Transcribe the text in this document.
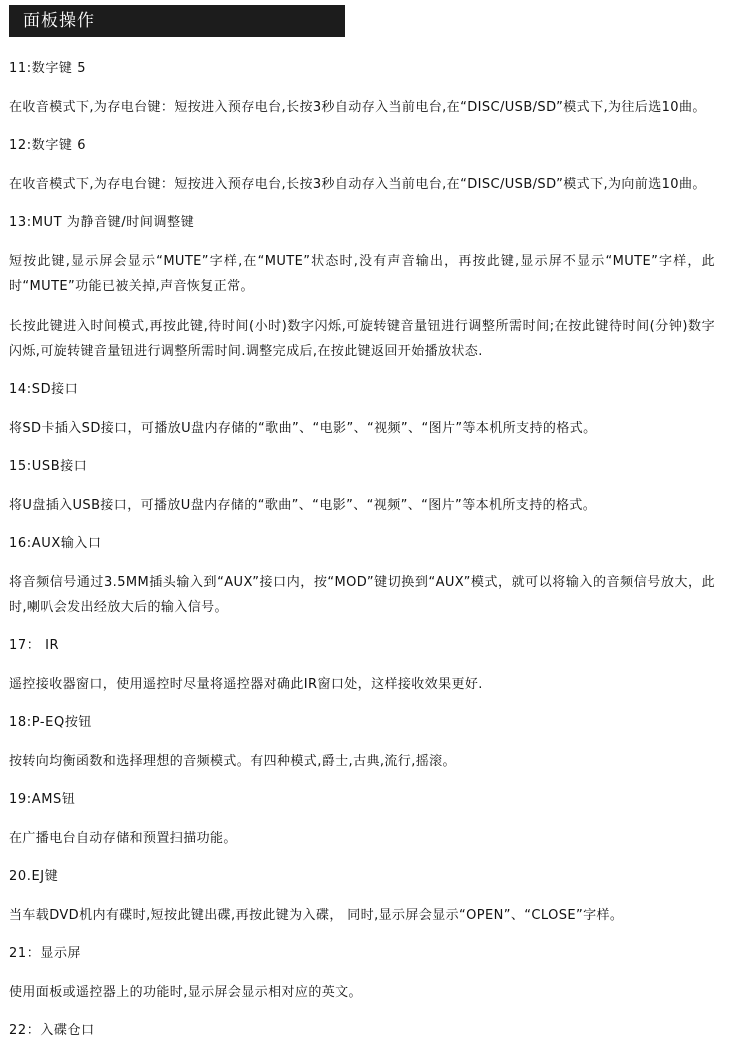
面板操作
11:数字键 5
在收音模式下,为存电台键：短按进入预存电台,长按3秒自动存入当前电台,在“DISC/USB/SD”模式下,为往后选10曲。
12:数字键 6
在收音模式下,为存电台键：短按进入预存电台,长按3秒自动存入当前电台,在“DISC/USB/SD”模式下,为向前选10曲。
13:MUT 为静音键/时间调整键
短按此键,显示屏会显示“MUTE”字样,在“MUTE”状态时,没有声音输出，再按此键,显示屏不显示“MUTE”字样，此时“MUTE”功能已被关掉,声音恢复正常。
长按此键进入时间模式,再按此键,待时间(小时)数字闪烁,可旋转键音量钮进行调整所需时间;在按此键待时间(分钟)数字闪烁,可旋转键音量钮进行调整所需时间.调整完成后,在按此键返回开始播放状态.
14:SD接口
将SD卡插入SD接口，可播放U盘内存储的“歌曲”、“电影”、“视频”、“图片”等本机所支持的格式。
15:USB接口
将U盘插入USB接口，可播放U盘内存储的“歌曲”、“电影”、“视频”、“图片”等本机所支持的格式。
16:AUX输入口
将音频信号通过3.5MM插头输入到“AUX”接口内，按“MOD”键切换到“AUX”模式，就可以将输入的音频信号放大，此时,喇叭会发出经放大后的输入信号。
17： IR
遥控接收器窗口，使用遥控时尽量将遥控器对确此IR窗口处，这样接收效果更好.
18:P-EQ按钮
按转向均衡函数和选择理想的音频模式。有四种模式,爵士,古典,流行,摇滚。
19:AMS钮
在广播电台自动存储和预置扫描功能。
20.EJ键
当车载DVD机内有碟时,短按此键出碟,再按此键为入碟， 同时,显示屏会显示“OPEN”、“CLOSE”字样。
21：显示屏
使用面板或遥控器上的功能时,显示屏会显示相对应的英文。
22：入碟仓口
